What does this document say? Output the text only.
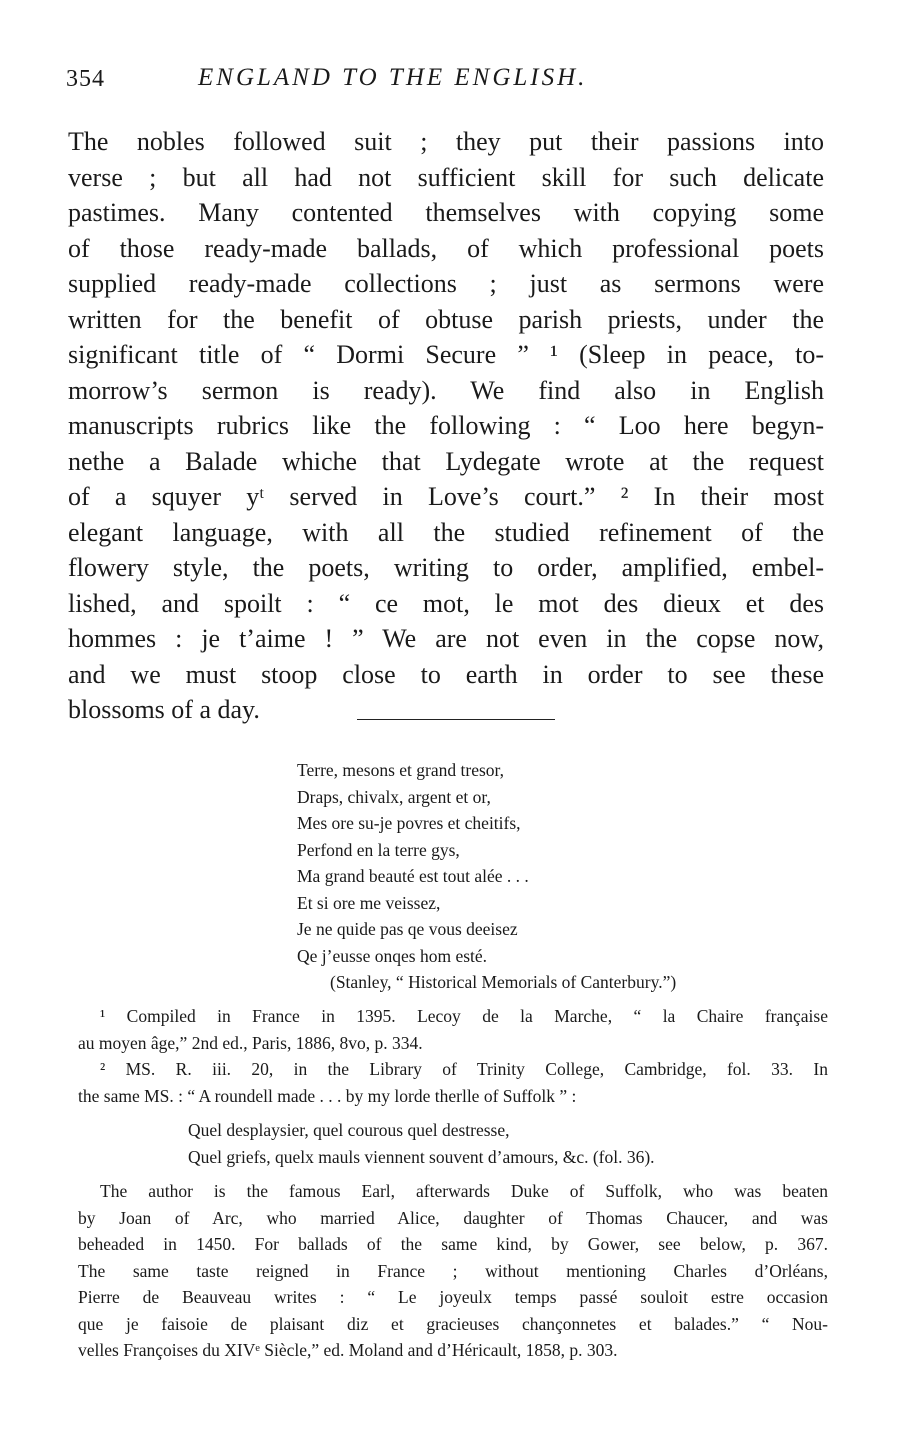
354	ENGLAND TO THE ENGLISH.
The nobles followed suit ; they put their passions into
verse ; but all had not sufficient skill for such delicate
pastimes. Many contented themselves with copying some
of those ready-made ballads, of which professional poets
supplied ready-made collections ; just as sermons were
written for the benefit of obtuse parish priests, under the
significant title of “ Dormi Secure ” ¹ (Sleep in peace, to-
morrow’s sermon is ready). We find also in English
manuscripts rubrics like the following : “ Loo here begyn-
nethe a Balade whiche that Lydegate wrote at the request
of a squyer yᵗ served in Love’s court.” ² In their most
elegant language, with all the studied refinement of the
flowery style, the poets, writing to order, amplified, embel-
lished, and spoilt : “ ce mot, le mot des dieux et des
hommes : je t’aime ! ” We are not even in the copse now,
and we must stoop close to earth in order to see these
blossoms of a day.
Terre, mesons et grand tresor,
Draps, chivalx, argent et or,
Mes ore su-je povres et cheitifs,
Perfond en la terre gys,
Ma grand beauté est tout alée . . .
Et si ore me veissez,
Je ne quide pas qe vous deeisez
Qe j’eusse onqes hom esté.
(Stanley, “ Historical Memorials of Canterbury.”)
¹ Compiled in France in 1395. Lecoy de la Marche, “ la Chaire française
au moyen âge,” 2nd ed., Paris, 1886, 8vo, p. 334.
² MS. R. iii. 20, in the Library of Trinity College, Cambridge, fol. 33. In
the same MS. : “ A roundell made . . . by my lorde therlle of Suffolk ” :
Quel desplaysier, quel courous quel destresse,
Quel griefs, quelx mauls viennent souvent d’amours, &c. (fol. 36).
The author is the famous Earl, afterwards Duke of Suffolk, who was beaten
by Joan of Arc, who married Alice, daughter of Thomas Chaucer, and was
beheaded in 1450. For ballads of the same kind, by Gower, see below, p. 367.
The same taste reigned in France ; without mentioning Charles d’Orléans,
Pierre de Beauveau writes : “ Le joyeulx temps passé souloit estre occasion
que je faisoie de plaisant diz et gracieuses chançonnetes et balades.” “ Nou-
velles Françoises du XIVᵉ Siècle,” ed. Moland and d’Héricault, 1858, p. 303.
